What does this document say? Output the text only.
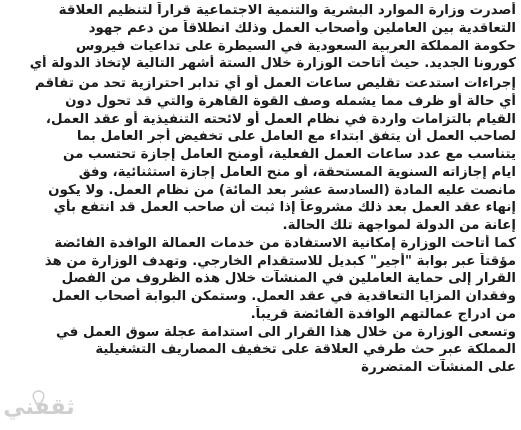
أصدرت وزارة الموارد البشرية والتنمية الاجتماعية قراراً لتنظيم العلاقة
التعاقدية بين العاملين وأصحاب العمل وذلك انطلاقاً من دعم جهود
حكومة المملكة العربية السعودية في السيطرة على تداعيات فيروس
كورونا الجديد. حيث أتاحت الوزارة خلال الستة أشهر التالية لإتخاذ الدولة أي
إجراءات استدعت تقليص ساعات العمل أو أي تدابر احترازية تحد من تفاقم
أي حالة أو ظرف مما يشمله وصف القوة القاهرة والتي قد تحول دون
القيام بالتزامات واردة في نظام العمل أو لائحته التنفيذية أو عقد العمل،
لصاحب العمل أن يتفق ابتداء مع العامل على تخفيض أجر العامل بما
يتناسب مع عدد ساعات العمل الفعلية، أومنح العامل إجازة تحتسب من
ايام إجازاته السنوية المستحقة، أو منح العامل إجازة استثنائية، وفق
مانصت عليه المادة (السادسة عشر بعد المائة) من نظام العمل. ولا يكون
إنهاء عقد العمل بعد ذلك مشروعاً إذا ثبت أن صاحب العمل قد انتفع بأي
إعانة من الدولة لمواجهة تلك الحالة.
كما أتاحت الوزارة إمكانية الاستفادة من خدمات العمالة الوافدة الفائضة
مؤقتاً عبر بوابة "أجير" كبديل للاستقدام الخارجي. وتهدف الوزارة من هذ
القرار إلى حماية العاملين في المنشآت خلال هذه الظروف من الفصل
وفقدان المزايا التعاقدية في عقد العمل. وستمكن البوابة أصحاب العمل
من ادراج عمالتهم الوافدة الفائضة قريباً.
وتسعى الوزارة من خلال هذا القرار الى استدامة عجلة سوق العمل في
المملكة عبر حث طرفي العلاقة على تخفيف المصاريف التشغيلية
على المنشآت المتضررة
ثقفني
